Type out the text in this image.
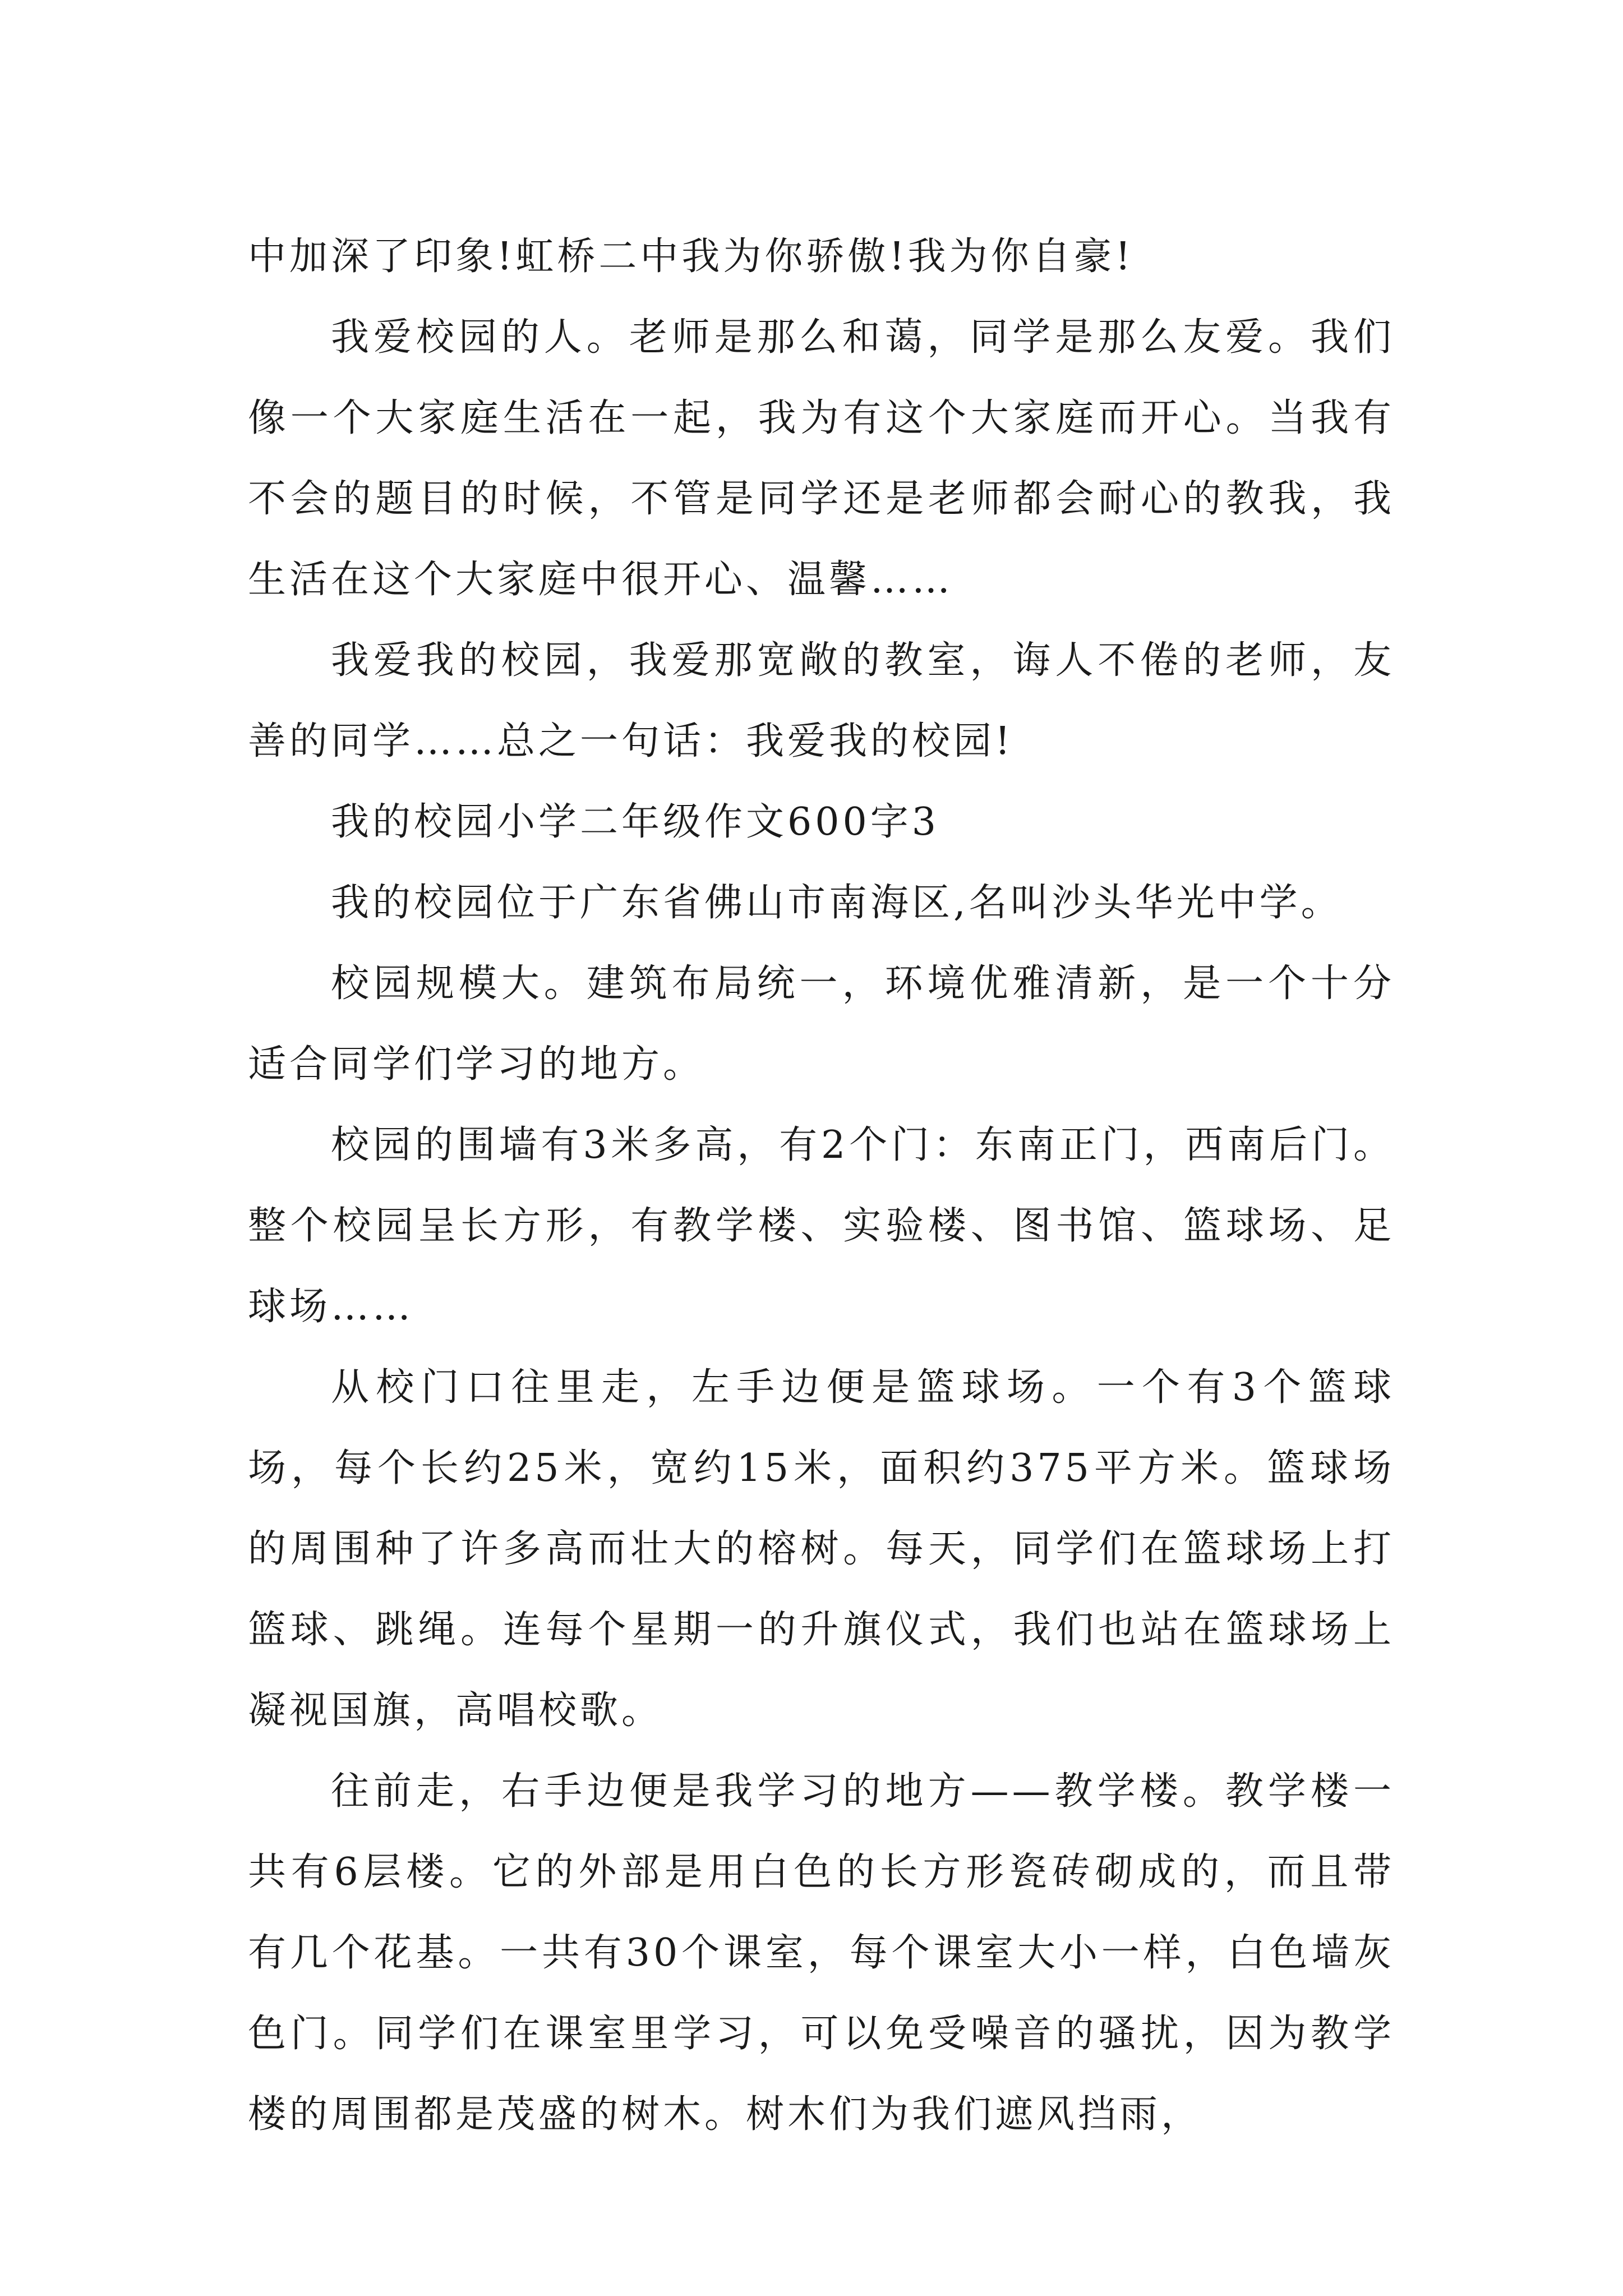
中加深了印象!虹桥二中我为你骄傲!我为你自豪!

我爱校园的人。老师是那么和蔼，同学是那么友爱。我们像一个大家庭生活在一起，我为有这个大家庭而开心。当我有不会的题目的时候，不管是同学还是老师都会耐心的教我，我生活在这个大家庭中很开心、温馨……

我爱我的校园，我爱那宽敞的教室，诲人不倦的老师，友善的同学……总之一句话：我爱我的校园!

我的校园小学二年级作文600字3

我的校园位于广东省佛山市南海区,名叫沙头华光中学。

校园规模大。建筑布局统一，环境优雅清新，是一个十分适合同学们学习的地方。

校园的围墙有3米多高，有2个门：东南正门，西南后门。整个校园呈长方形，有教学楼、实验楼、图书馆、篮球场、足球场……

从校门口往里走，左手边便是篮球场。一个有3个篮球场，每个长约25米，宽约15米，面积约375平方米。篮球场的周围种了许多高而壮大的榕树。每天，同学们在篮球场上打篮球、跳绳。连每个星期一的升旗仪式，我们也站在篮球场上凝视国旗，高唱校歌。

往前走，右手边便是我学习的地方——教学楼。教学楼一共有6层楼。它的外部是用白色的长方形瓷砖砌成的，而且带有几个花基。一共有30个课室，每个课室大小一样，白色墙灰色门。同学们在课室里学习，可以免受噪音的骚扰，因为教学楼的周围都是茂盛的树木。树木们为我们遮风挡雨，
